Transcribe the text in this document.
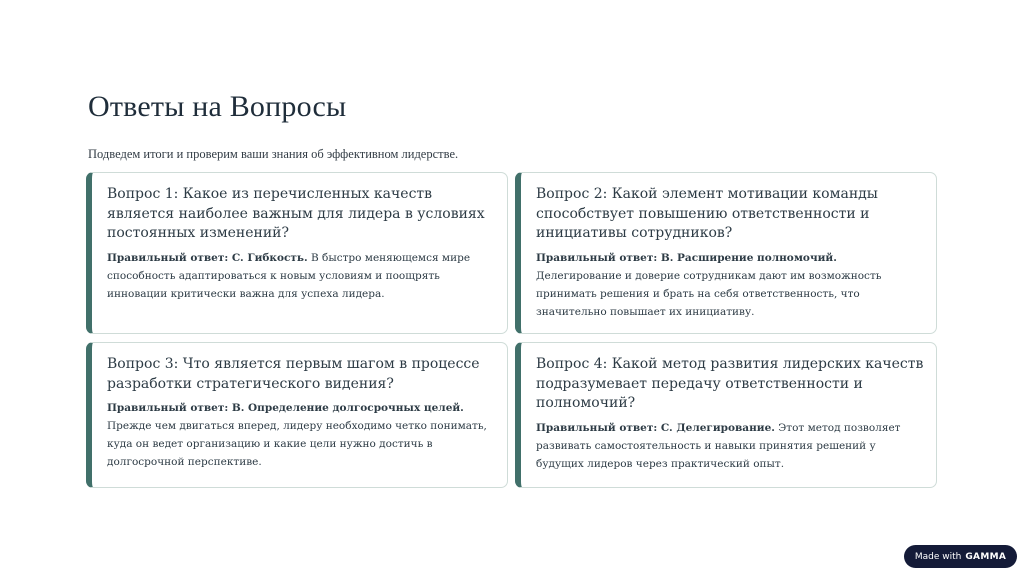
Ответы на Вопросы

Подведем итоги и проверим ваши знания об эффективном лидерстве.

Вопрос 1: Какое из перечисленных качеств является наиболее важным для лидера в условиях постоянных изменений?

Правильный ответ: C. Гибкость. В быстро меняющемся мире способность адаптироваться к новым условиям и поощрять инновации критически важна для успеха лидера.

Вопрос 2: Какой элемент мотивации команды способствует повышению ответственности и инициативы сотрудников?

Правильный ответ: B. Расширение полномочий. Делегирование и доверие сотрудникам дают им возможность принимать решения и брать на себя ответственность, что значительно повышает их инициативу.

Вопрос 3: Что является первым шагом в процессе разработки стратегического видения?

Правильный ответ: B. Определение долгосрочных целей. Прежде чем двигаться вперед, лидеру необходимо четко понимать, куда он ведет организацию и какие цели нужно достичь в долгосрочной перспективе.

Вопрос 4: Какой метод развития лидерских качеств подразумевает передачу ответственности и полномочий?

Правильный ответ: C. Делегирование. Этот метод позволяет развивать самостоятельность и навыки принятия решений у будущих лидеров через практический опыт.

Made with GAMMA
